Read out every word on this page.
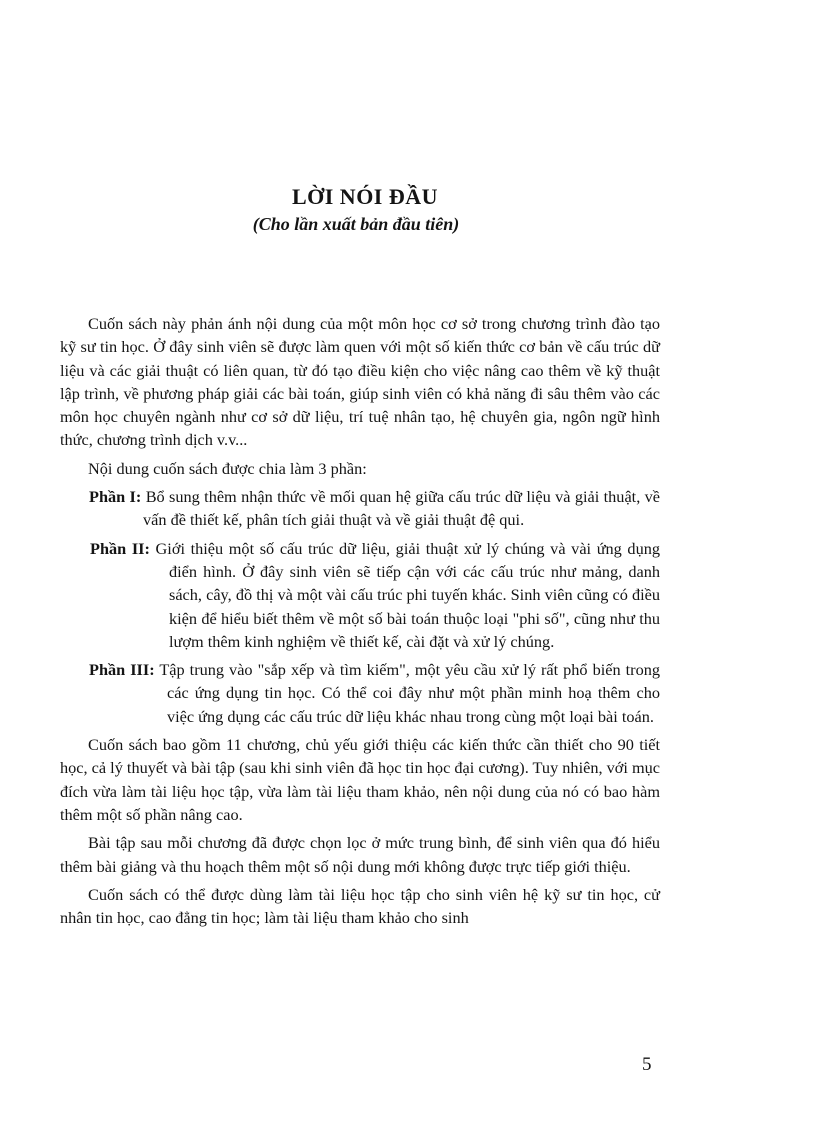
LỜI NÓI ĐẦU
(Cho lần xuất bản đầu tiên)

Cuốn sách này phản ánh nội dung của một môn học cơ sở trong chương trình đào tạo kỹ sư tin học. Ở đây sinh viên sẽ được làm quen với một số kiến thức cơ bản về cấu trúc dữ liệu và các giải thuật có liên quan, từ đó tạo điều kiện cho việc nâng cao thêm về kỹ thuật lập trình, về phương pháp giải các bài toán, giúp sinh viên có khả năng đi sâu thêm vào các môn học chuyên ngành như cơ sở dữ liệu, trí tuệ nhân tạo, hệ chuyên gia, ngôn ngữ hình thức, chương trình dịch v.v...

Nội dung cuốn sách được chia làm 3 phần:

Phần I: Bổ sung thêm nhận thức về mối quan hệ giữa cấu trúc dữ liệu và giải thuật, về vấn đề thiết kế, phân tích giải thuật và về giải thuật đệ qui.

Phần II: Giới thiệu một số cấu trúc dữ liệu, giải thuật xử lý chúng và vài ứng dụng điển hình. Ở đây sinh viên sẽ tiếp cận với các cấu trúc như mảng, danh sách, cây, đồ thị và một vài cấu trúc phi tuyến khác. Sinh viên cũng có điều kiện để hiểu biết thêm về một số bài toán thuộc loại "phi số", cũng như thu lượm thêm kinh nghiệm về thiết kế, cài đặt và xử lý chúng.

Phần III: Tập trung vào "sắp xếp và tìm kiếm", một yêu cầu xử lý rất phổ biến trong các ứng dụng tin học. Có thể coi đây như một phần minh hoạ thêm cho việc ứng dụng các cấu trúc dữ liệu khác nhau trong cùng một loại bài toán.

Cuốn sách bao gồm 11 chương, chủ yếu giới thiệu các kiến thức cần thiết cho 90 tiết học, cả lý thuyết và bài tập (sau khi sinh viên đã học tin học đại cương). Tuy nhiên, với mục đích vừa làm tài liệu học tập, vừa làm tài liệu tham khảo, nên nội dung của nó có bao hàm thêm một số phần nâng cao.

Bài tập sau mỗi chương đã được chọn lọc ở mức trung bình, để sinh viên qua đó hiểu thêm bài giảng và thu hoạch thêm một số nội dung mới không được trực tiếp giới thiệu.

Cuốn sách có thể được dùng làm tài liệu học tập cho sinh viên hệ kỹ sư tin học, cử nhân tin học, cao đẳng tin học; làm tài liệu tham khảo cho sinh

5
